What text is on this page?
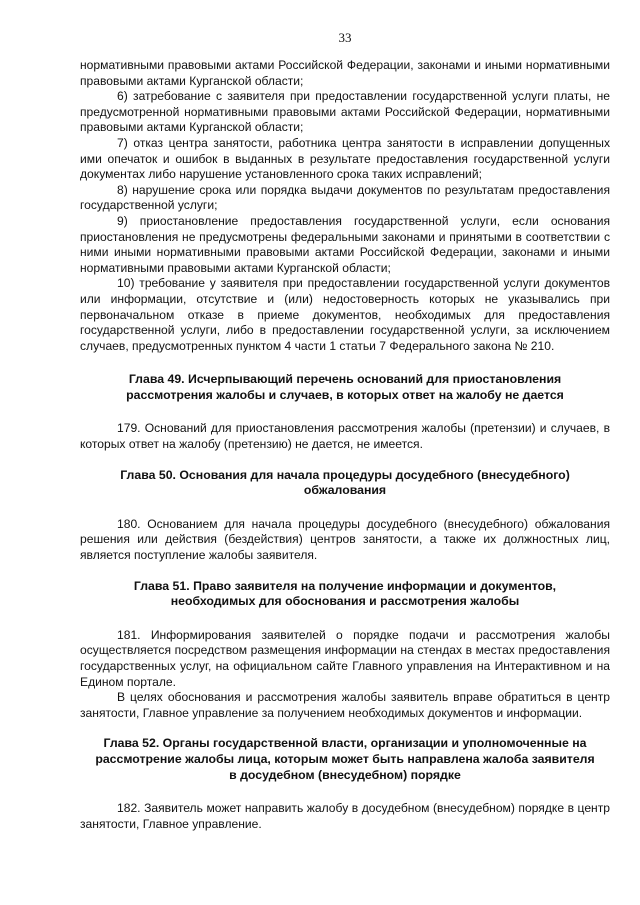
33

нормативными правовыми актами Российской Федерации, законами и иными нормативными правовыми актами Курганской области;

6) затребование с заявителя при предоставлении государственной услуги платы, не предусмотренной нормативными правовыми актами Российской Федерации, нормативными правовыми актами Курганской области;

7) отказ центра занятости, работника центра занятости в исправлении допущенных ими опечаток и ошибок в выданных в результате предоставления государственной услуги документах либо нарушение установленного срока таких исправлений;

8) нарушение срока или порядка выдачи документов по результатам предоставления государственной услуги;

9) приостановление предоставления государственной услуги, если основания приостановления не предусмотрены федеральными законами и принятыми в соответствии с ними иными нормативными правовыми актами Российской Федерации, законами и иными нормативными правовыми актами Курганской области;

10) требование у заявителя при предоставлении государственной услуги документов или информации, отсутствие и (или) недостоверность которых не указывались при первоначальном отказе в приеме документов, необходимых для предоставления государственной услуги, либо в предоставлении государственной услуги, за исключением случаев, предусмотренных пунктом 4 части 1 статьи 7 Федерального закона № 210.

Глава 49. Исчерпывающий перечень оснований для приостановления рассмотрения жалобы и случаев, в которых ответ на жалобу не дается

179. Оснований для приостановления рассмотрения жалобы (претензии) и случаев, в которых ответ на жалобу (претензию) не дается, не имеется.

Глава 50. Основания для начала процедуры досудебного (внесудебного) обжалования

180. Основанием для начала процедуры досудебного (внесудебного) обжалования решения или действия (бездействия) центров занятости, а также их должностных лиц, является поступление жалобы заявителя.

Глава 51. Право заявителя на получение информации и документов, необходимых для обоснования и рассмотрения жалобы

181. Информирования заявителей о порядке подачи и рассмотрения жалобы осуществляется посредством размещения информации на стендах в местах предоставления государственных услуг, на официальном сайте Главного управления на Интерактивном и на Едином портале.

В целях обоснования и рассмотрения жалобы заявитель вправе обратиться в центр занятости, Главное управление за получением необходимых документов и информации.

Глава 52. Органы государственной власти, организации и уполномоченные на рассмотрение жалобы лица, которым может быть направлена жалоба заявителя в досудебном (внесудебном) порядке

182. Заявитель может направить жалобу в досудебном (внесудебном) порядке в центр занятости, Главное управление.
